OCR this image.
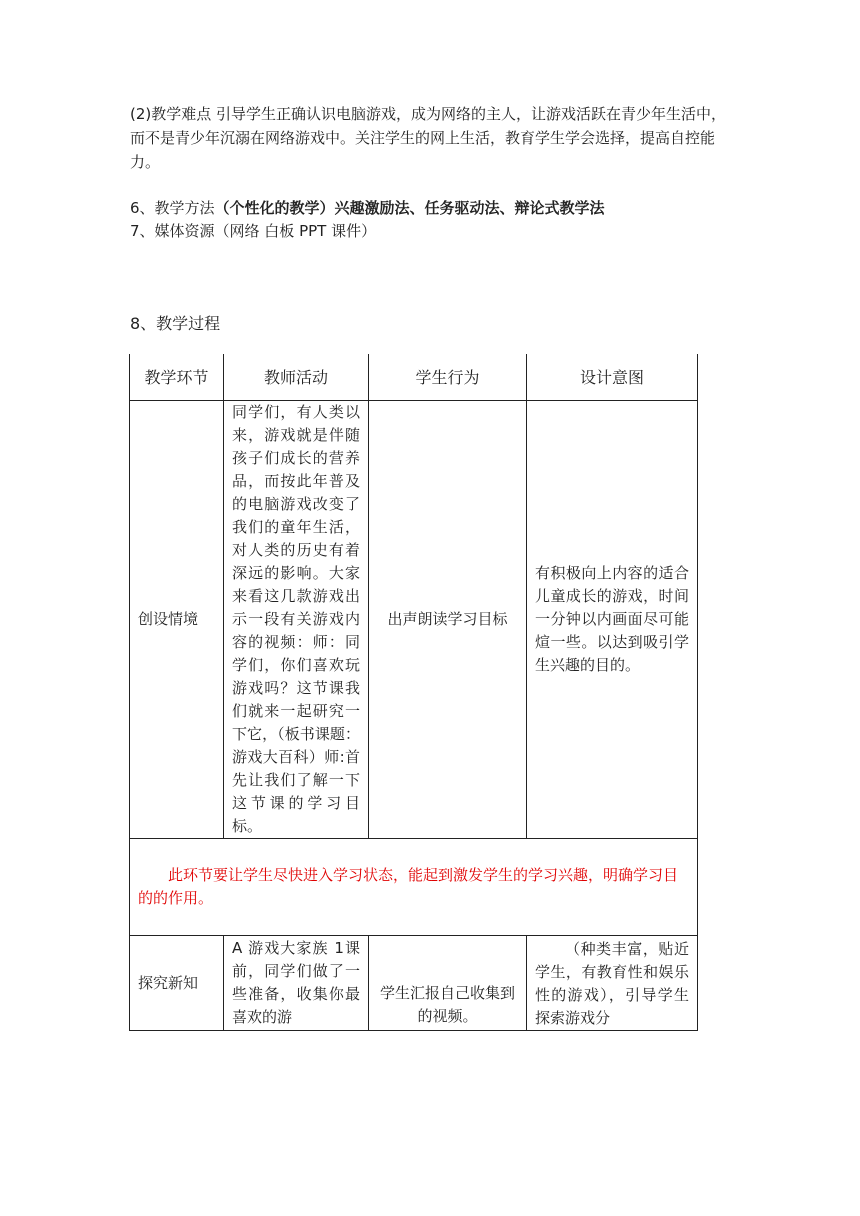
(2)教学难点 引导学生正确认识电脑游戏，成为网络的主人，让游戏活跃在青少年生活中，而不是青少年沉溺在网络游戏中。关注学生的网上生活，教育学生学会选择，提高自控能力。
6、教学方法（个性化的教学）兴趣激励法、任务驱动法、辩论式教学法
7、媒体资源（网络 白板 PPT 课件）
8、教学过程
教学环节	教师活动	学生行为	设计意图
创设情境	同学们，有人类以来，游戏就是伴随孩子们成长的营养品，而按此年普及的电脑游戏改变了我们的童年生活，对人类的历史有着深远的影响。大家来看这几款游戏出示一段有关游戏内容的视频：师：同学们，你们喜欢玩游戏吗？这节课我们就来一起研究一下它，（板书课题：游戏大百科）师:首先让我们了解一下这节课的学习目标。	出声朗读学习目标	有积极向上内容的适合儿童成长的游戏，时间一分钟以内画面尽可能煊一些。以达到吸引学生兴趣的目的。

此环节要让学生尽快进入学习状态，能起到激发学生的学习兴趣，明确学习目的的作用。			

探究新知	A 游戏大家族 1课前，同学们做了一些准备，收集你最喜欢的游	学生汇报自己收集到的视频。	（种类丰富，贴近学生，有教育性和娱乐性的游戏），引导学生探索游戏分
